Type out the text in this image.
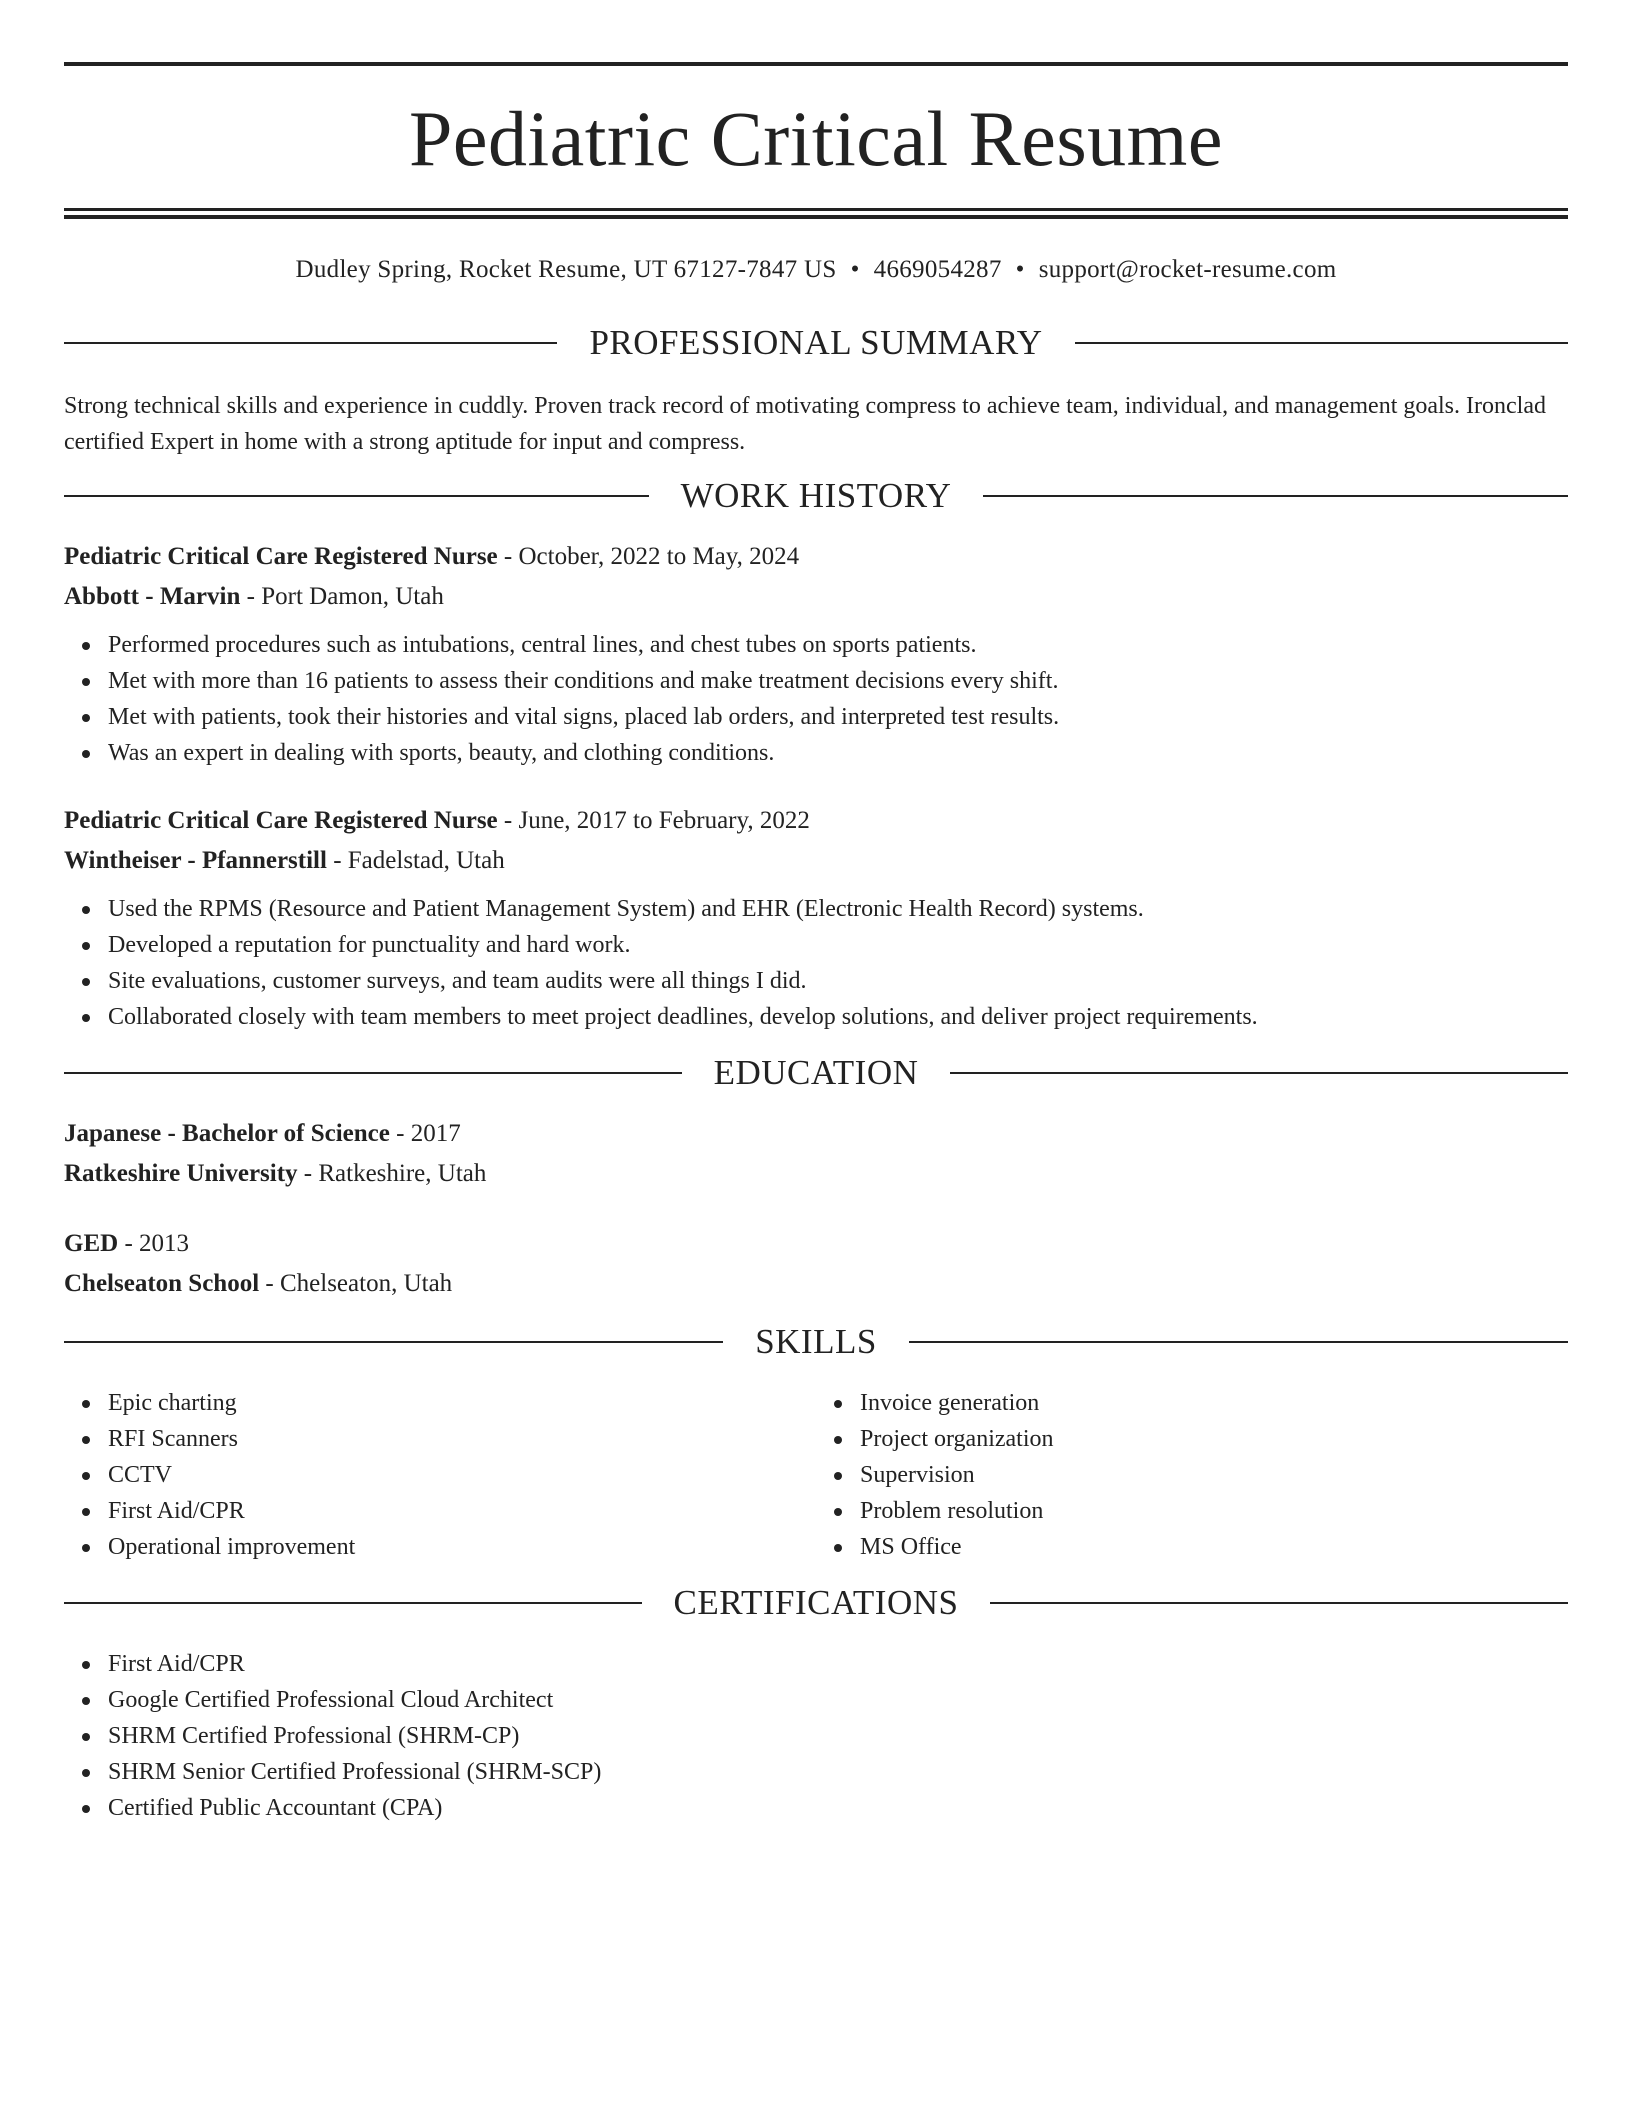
Pediatric Critical Resume
Dudley Spring, Rocket Resume, UT 67127-7847 US • 4669054287 • support@rocket-resume.com
PROFESSIONAL SUMMARY

Strong technical skills and experience in cuddly. Proven track record of motivating compress to achieve team, individual, and management goals. Ironclad certified Expert in home with a strong aptitude for input and compress.

WORK HISTORY
Pediatric Critical Care Registered Nurse - October, 2022 to May, 2024
Abbott - Marvin - Port Damon, Utah
Performed procedures such as intubations, central lines, and chest tubes on sports patients.
Met with more than 16 patients to assess their conditions and make treatment decisions every shift.
Met with patients, took their histories and vital signs, placed lab orders, and interpreted test results.
Was an expert in dealing with sports, beauty, and clothing conditions.
Pediatric Critical Care Registered Nurse - June, 2017 to February, 2022
Wintheiser - Pfannerstill - Fadelstad, Utah
Used the RPMS (Resource and Patient Management System) and EHR (Electronic Health Record) systems.
Developed a reputation for punctuality and hard work.
Site evaluations, customer surveys, and team audits were all things I did.
Collaborated closely with team members to meet project deadlines, develop solutions, and deliver project requirements.
EDUCATION
Japanese - Bachelor of Science - 2017
Ratkeshire University - Ratkeshire, Utah
GED - 2013
Chelseaton School - Chelseaton, Utah
SKILLS
Epic charting
RFI Scanners
CCTV
First Aid/CPR
Operational improvement
Invoice generation
Project organization
Supervision
Problem resolution
MS Office
CERTIFICATIONS
First Aid/CPR
Google Certified Professional Cloud Architect
SHRM Certified Professional (SHRM-CP)
SHRM Senior Certified Professional (SHRM-SCP)
Certified Public Accountant (CPA)
